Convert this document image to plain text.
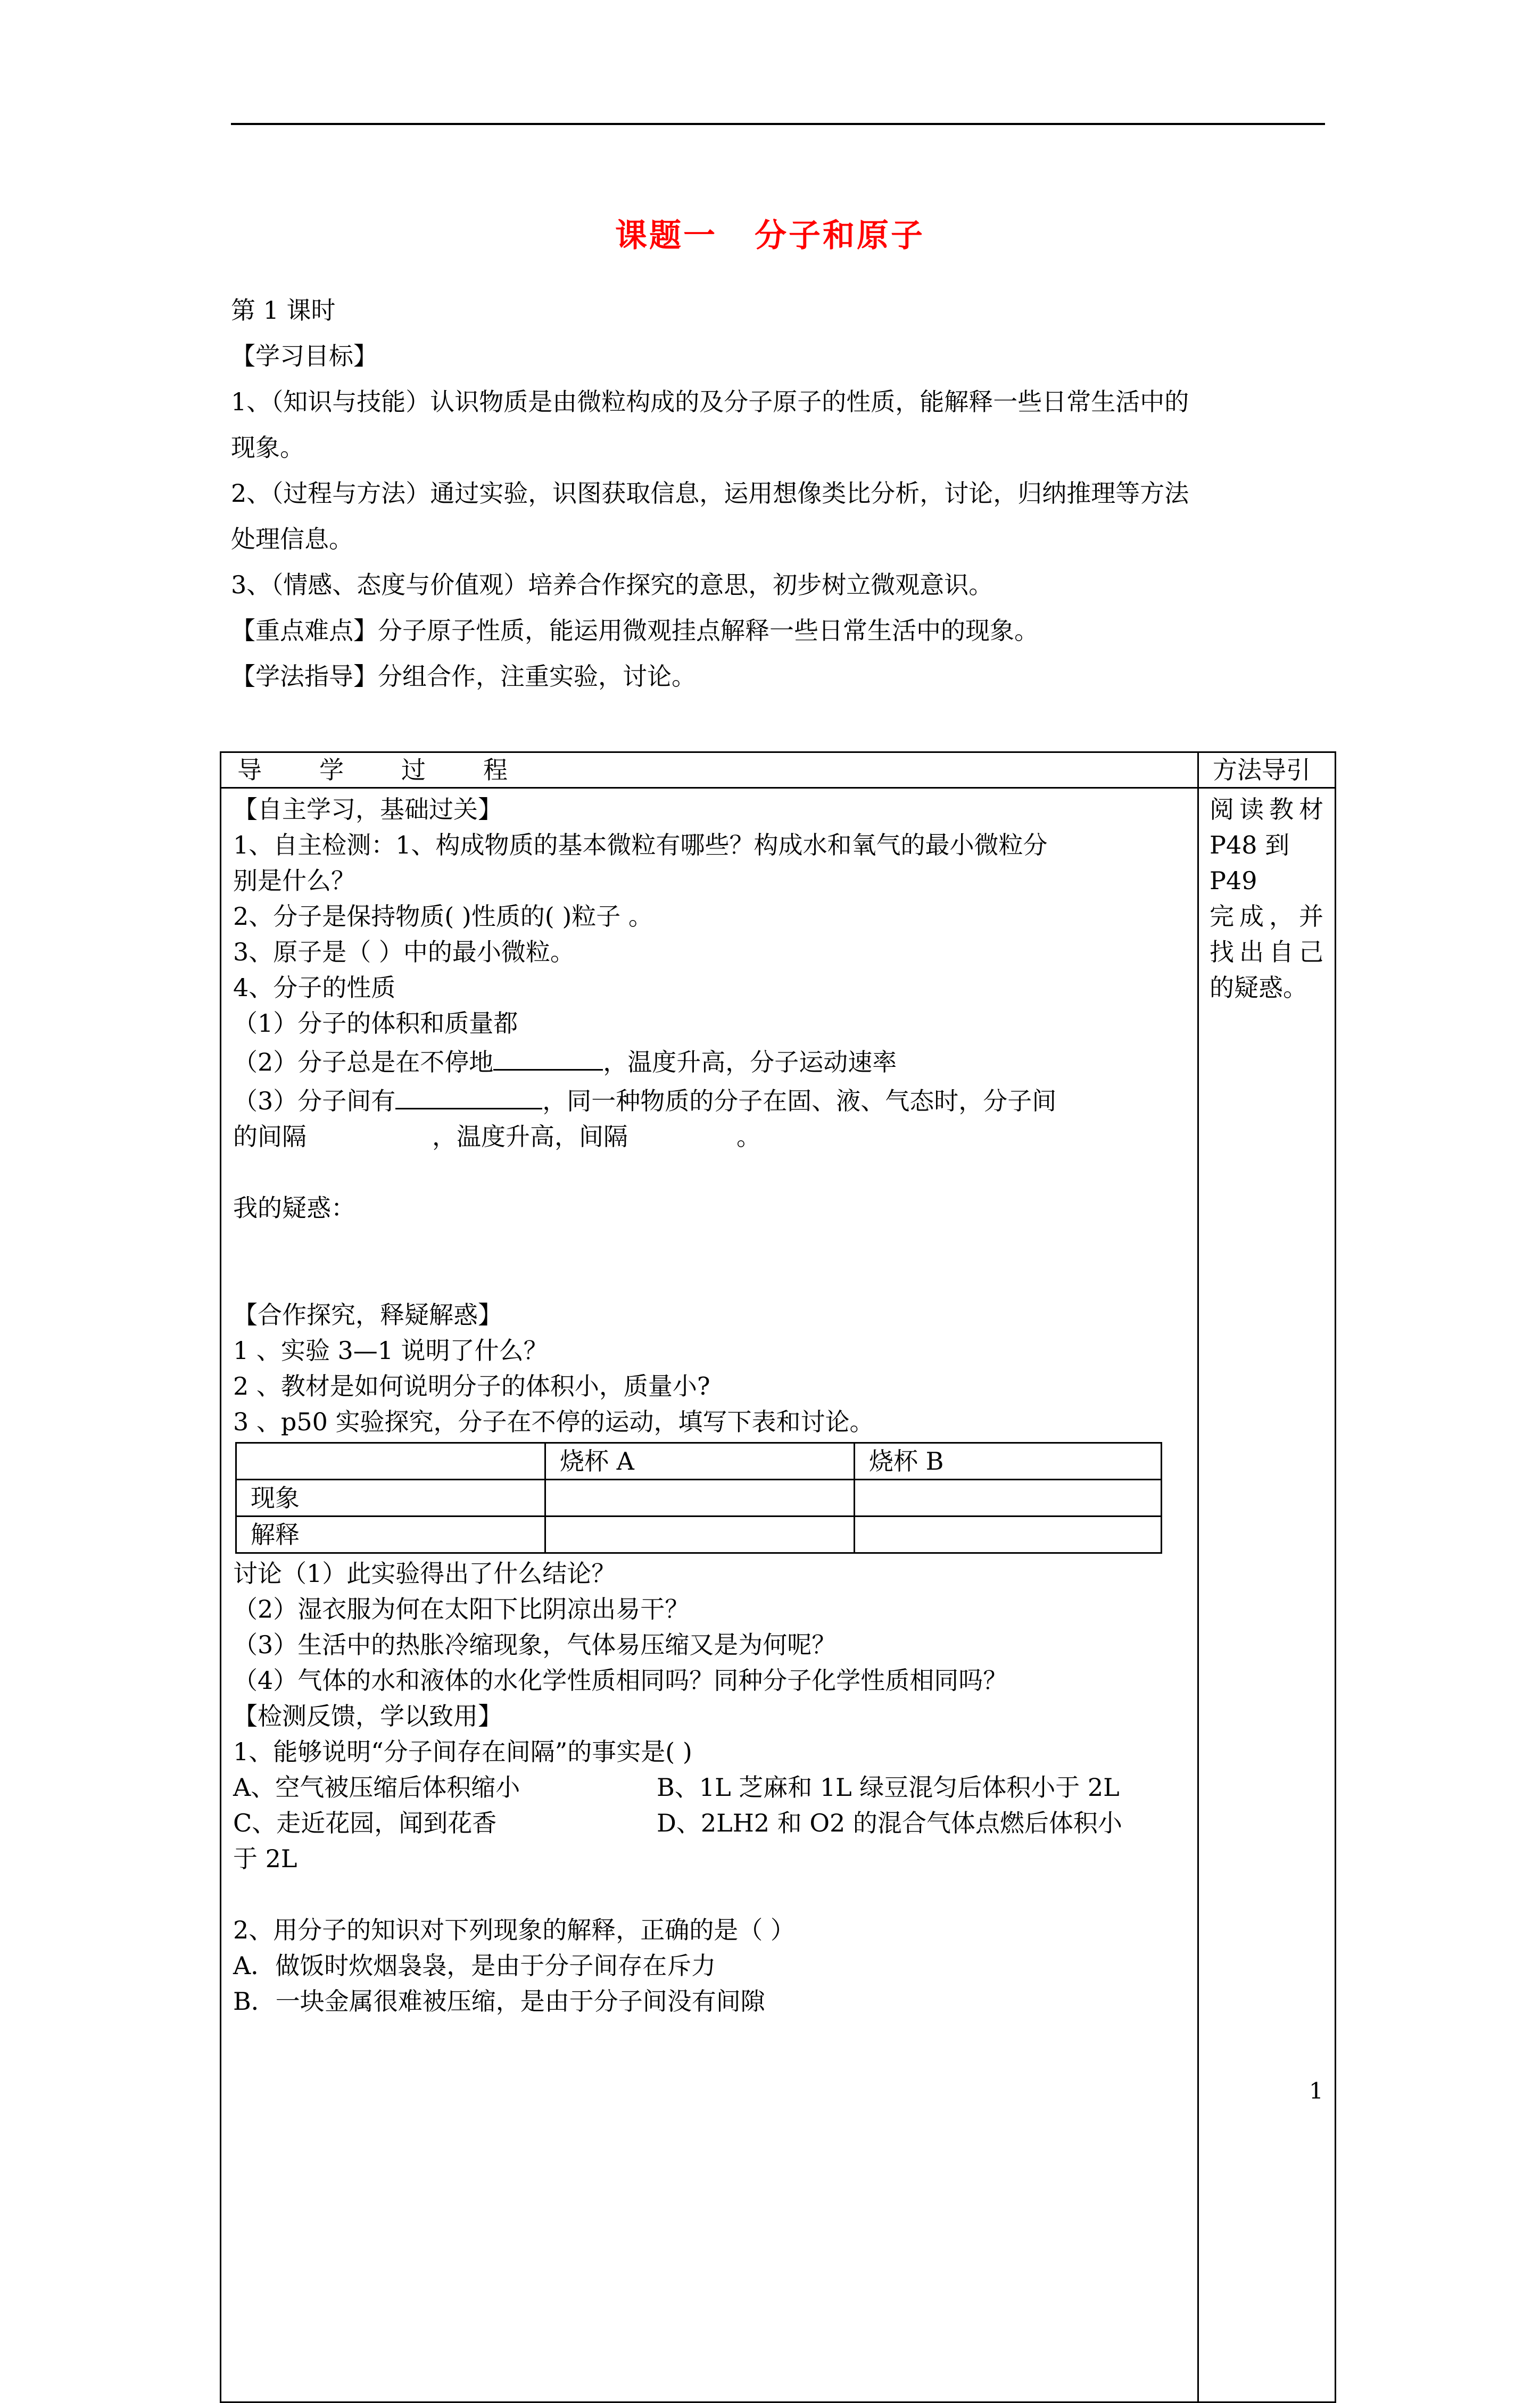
课题一 分子和原子

第 1 课时

【学习目标】

1、（知识与技能）认识物质是由微粒构成的及分子原子的性质，能解释一些日常生活中的

现象。

2、（过程与方法）通过实验，识图获取信息，运用想像类比分析，讨论，归纳推理等方法

处理信息。

3、（情感、态度与价值观）培养合作探究的意思，初步树立微观意识。

【重点难点】分子原子性质，能运用微观挂点解释一些日常生活中的现象。

【学法指导】分组合作，注重实验，讨论。

导 学 过 程	方法导引

【自主学习，基础过关】

1、自主检测：1、构成物质的基本微粒有哪些？构成水和氧气的最小微粒分

别是什么？

2、分子是保持物质( )性质的( )粒子 。

3、原子是（ ）中的最小微粒。

4、分子的性质

（1）分子的体积和质量都

（2）分子总是在不停地	，温度升高，分子运动速率

（3）分子间有	，同一种物质的分子在固、液、气态时，分子间

的间隔	，温度升高，间隔	。

我的疑惑：

【合作探究，释疑解惑】

1 、实验 3—1 说明了什么？

2 、教材是如何说明分子的体积小，质量小?

3 、p50 实验探究，分子在不停的运动，填写下表和讨论。

	烧杯 A	烧杯 B
现象		
解释		

讨论（1）此实验得出了什么结论？

（2）湿衣服为何在太阳下比阴凉出易干？

（3）生活中的热胀冷缩现象，气体易压缩又是为何呢？

（4）气体的水和液体的水化学性质相同吗？同种分子化学性质相同吗？

【检测反馈，学以致用】

1、能够说明“分子间存在间隔”的事实是( )

A、空气被压缩后体积缩小	B、1L 芝麻和 1L 绿豆混匀后体积小于 2L
C、走近花园，闻到花香	D、2LH2 和 O2 的混合气体点燃后体积小

于 2L

2、用分子的知识对下列现象的解释，正确的是（ ）

A．做饭时炊烟袅袅，是由于分子间存在斥力

B．一块金属很难被压缩，是由于分子间没有间隙

阅读教材
P48 到 P49
完成，并
找出自己
的疑惑。
1
